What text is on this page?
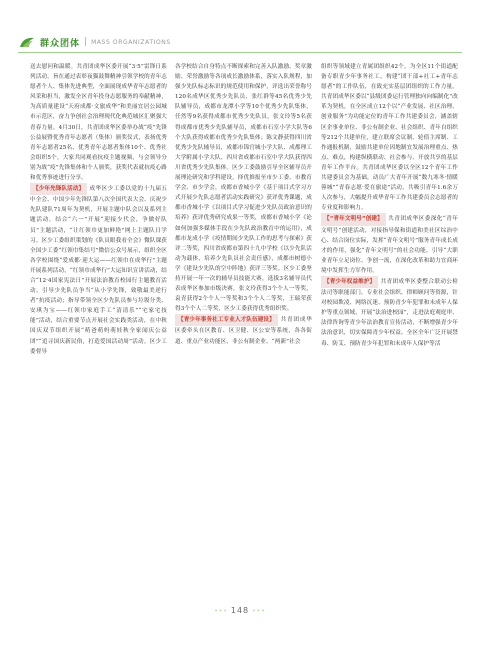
群众团体 | MASS ORGANIZATIONS
送去慰问和温暖。共青团成华区委开展“3·5”雷锋日系列活动，旨在通过表彰夜猫鼓舞精神引领学校的青年志愿者个人、集体先进典型，全面展现成华青年志愿者的风采和担当，激发全区青年投身志愿服务的奉献精神，为高质量建设“天府成都·文旅成华”和美丽宜居公园城市示范区，奋力争创社会治理现代化典范城区汇聚强大青春力量。4月30日，共青团成华区委举办战“疫”先锋公益展暨优秀青年志愿者（集体）颁奖仪式，表扬优秀青年志愿者25名、优秀青年志愿者集体10个、优秀社会组织5个，大家共同观看抗疫主题视频，与会领导分别为战“疫”先锋集体和个人颁奖，获奖代表就抗疫心路和优秀事迹进行分享。
【少年先锋队活动】 成华区少工委以党的十九届五中全会、中国少年先锋队第八次全国代表大会、庆祝少先队建队71周年为契机，开展主题中队会以及系列主题活动，结合“六一”开展“迎接少代会，争做好队员”主题活动，“让红领巾更加鲜艳”网上主题队日学习。区少工委组织策划的《队员眼我看全会》微队课获全国少工委“红领巾集结号”微信公众号展示，组织全区各学校围绕“爱成都·迎大运——红领巾在成华行”主题开展系列活动，“红领巾成华行”大运知识宣讲活动，结合“12·4国家宪法日”开展法治教育校园行主题教育活动，引导少先队员争当“从小学先锋，致敬最美逆行者”抗疫活动；指导带领全区少先队员参与垃圾分类、安琪为宝——红领巾家庭手工“清清乐”“宅家宅技能”活动，结合重要节点开展社会实践类活动，在中秋国庆双节组织开展“萌爸萌妈萌娃秋全家闻庆公益团”“追寻国庆新民俗，打造爱国活动周”活动。区少工委督导
各学校结合自身特点不断探索和完善入队激励、奖章激励、荣誉激励等各项成长激励体系，落实入队规程，加强少先队标志标识的规范使用和保护，评选出荣誉称号120名成华区优秀少先队员、张红群等45名优秀少先队辅导员，成都市龙潭小学等10个优秀少先队集体，任然等9名获得成都市优秀少先队员，张文玲等5名获得成都市优秀少先队辅导员，成都市石室小学大队等6个大队获得成都市优秀少先队集体；陈文静获得四川省优秀少先队辅导员，成都市锦官城小学大队、成都理工大学附属小学大队、四川省成都市石室中学大队获得四川省优秀少先队集体。区少工委鼓励引导全区辅导员开展理论研究和学科建设，择优推报至市少工委、市教育学会、市少学会，成都市香城小学《基于项目式学习方式开展少先队志愿者活动实践研究》获评优秀课题，成都市香城小学《以项目式学习促进少先队员政治意识的培养》获评优秀研究成果一等奖，成都市香城小学《论如何加强多媒体手段在少先队政治教育中的运用》，成都市龙成小学《疫情期间少先队工作的思考与探索》获评二等奖，四川省成都市第四十九中学校《以少先队活动为载体，培养少先队员社会责任感》，成都市树德小学《建设少先队的空中阵地》获评三等奖。区少工委坚持开展一年一次的辅导员技能大赛，选拔3名辅导员代表成华区参加市级决赛，张文玲获得3个个人一等奖，袁青获得2个个人一等奖和3个个人二等奖，王瑞荣获得3个个人二等奖，区少工委获得优秀组织奖。
【青少年事务社工专业人才队伍建设】 共青团成华区委牵头在区教育、区卫健、区公安等系统，各各街道、重点产业功能区、非公有制企业、“两新”社会
组织等领域建立青属团组织42个，为全区11个街道配备专职青少年事务社工，构建“团干部+社工+青年志愿者”的工作队伍，在致充实基层团组织的工作力量。共青团成华区委以“县级团委运行管理独向向编制化”改革为契机，在全区成立12个以“产业发展、社区治理、创业服务”为功能定位的青年工作共建委员会，涵盖辖区企事业单位、非公有制企业、社会组织、青年自组织等212个共建单位，建立联席会议制、轮值主席制、工作通报机制，鼓励共建单位因地制宜发展治理重点、热点、难点，构建纵横联动、社会参与、开放共享的基层青年工作平台。共青团成华区委以全区12个青年工作共建委员会为基础，动员广大青年开展“数九寒冬·情暖蓉城”“青春志愿·爱在旅途”活动，共吸引青年1.6余万人次参与，大幅提升成华青年工作共建委员会志愿者的专业度和影响力。
【“青年文明号”创建】 共青团成华区委深化“青年文明号”创建活动，对接指导保和街道和美社区综治中心、结合岗位实际，发挥“青年文明号”服务青年成长成才的作用，强化“青年文明号”的社会功能，引导“大职业青年立足岗位、争创一流，在深化改革和助力宜商环境中发挥生力军作用。
【青少年权益维护】 共青团成华区委整合联动公检法司等职能部门，专业社会组织、律师顾问等资源，针对校园欺凌、网络沉迷、预防青少年犯罪和未成年人保护等重点领域，开展“法治进校园”，走进法庭观庭审、法律咨询等青少年法治教育宣传活动，不断增强青少年法治意识，切实保障青少年权益。全区全年广泛开展禁毒、防艾、预防青少年犯罪和未成年人保护等活
••• 148 •••
